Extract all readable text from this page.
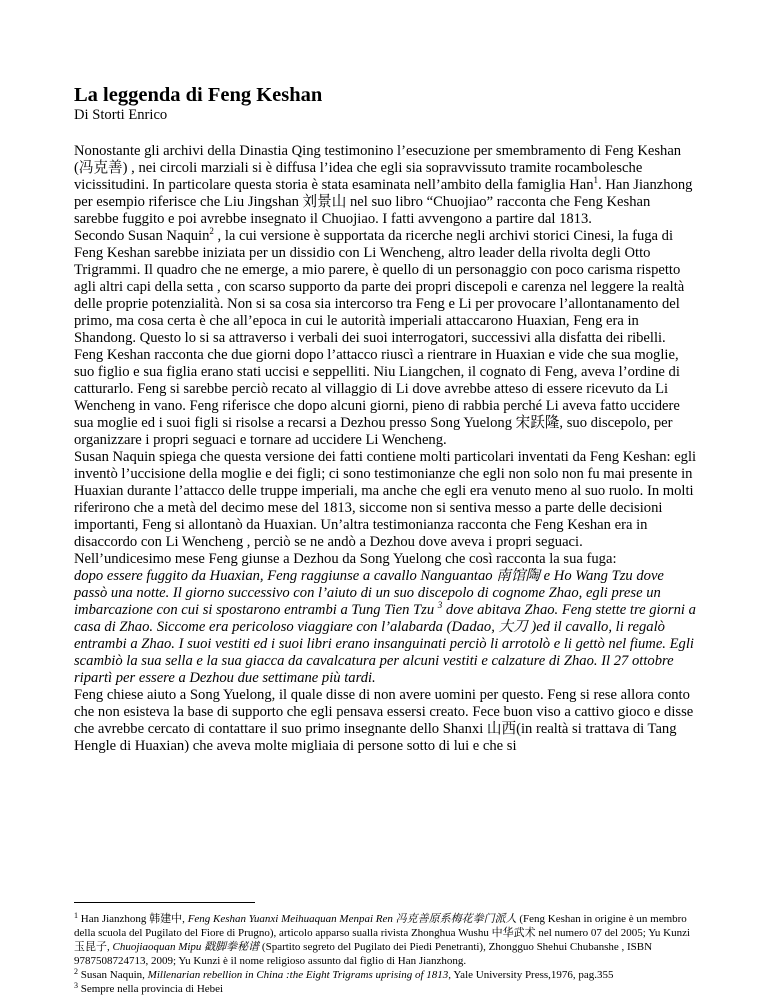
La leggenda di Feng Keshan
Di Storti Enrico

Nonostante gli archivi della Dinastia Qing testimonino l’esecuzione per smembramento di Feng Keshan (冯克善) , nei circoli marziali si è diffusa l’idea che egli sia sopravvissuto tramite rocambolesche vicissitudini. In particolare questa storia è stata esaminata nell’ambito della famiglia Han$^1$. Han Jianzhong per esempio riferisce che Liu Jingshan 刘景山 nel suo libro “Chuojiao” racconta che Feng Keshan sarebbe fuggito e poi avrebbe insegnato il Chuojiao. I fatti avvengono a partire dal 1813.

Secondo Susan Naquin$^2$ , la cui versione è supportata da ricerche negli archivi storici Cinesi, la fuga di Feng Keshan sarebbe iniziata per un dissidio con Li Wencheng, altro leader della rivolta degli Otto Trigrammi. Il quadro che ne emerge, a mio parere, è quello di un personaggio con poco carisma rispetto agli altri capi della setta , con scarso supporto da parte dei propri discepoli e carenza nel leggere la realtà delle proprie potenzialità. Non si sa cosa sia intercorso tra Feng e Li per provocare l’allontanamento del primo, ma cosa certa è che all’epoca in cui le autorità imperiali attaccarono Huaxian, Feng era in Shandong. Questo lo si sa attraverso i verbali dei suoi interrogatori, successivi alla disfatta dei ribelli. Feng Keshan racconta che due giorni dopo l’attacco riuscì a rientrare in Huaxian e vide che sua moglie, suo figlio e sua figlia erano stati uccisi e seppelliti. Niu Liangchen, il cognato di Feng, aveva l’ordine di catturarlo. Feng si sarebbe perciò recato al villaggio di Li dove avrebbe atteso di essere ricevuto da Li Wencheng in vano. Feng riferisce che dopo alcuni giorni, pieno di rabbia perché Li aveva fatto uccidere sua moglie ed i suoi figli si risolse a recarsi a Dezhou presso Song Yuelong 宋跃隆, suo discepolo, per organizzare i propri seguaci e tornare ad uccidere Li Wencheng.

Susan Naquin spiega che questa versione dei fatti contiene molti particolari inventati da Feng Keshan: egli inventò l’uccisione della moglie e dei figli; ci sono testimonianze che egli non solo non fu mai presente in Huaxian durante l’attacco delle truppe imperiali, ma anche che egli era venuto meno al suo ruolo. In molti riferirono che a metà del decimo mese del 1813, siccome non si sentiva messo a parte delle decisioni importanti, Feng si allontanò da Huaxian. Un’altra testimonianza racconta che Feng Keshan era in disaccordo con Li Wencheng , perciò se ne andò a Dezhou dove aveva i propri seguaci.

Nell’undicesimo mese Feng giunse a Dezhou da Song Yuelong che così racconta la sua fuga:

dopo essere fuggito da Huaxian, Feng raggiunse a cavallo Nanguantao 南馆陶 e Ho Wang Tzu dove passò una notte. Il giorno successivo con l’aiuto di un suo discepolo di cognome Zhao, egli prese un imbarcazione con cui si spostarono entrambi a Tung Tien Tzu $^3$ dove abitava Zhao. Feng stette tre giorni a casa di Zhao. Siccome era pericoloso viaggiare con l’alabarda (Dadao, 大刀 )ed il cavallo, li regalò entrambi a Zhao. I suoi vestiti ed i suoi libri erano insanguinati perciò li arrotolò e li gettò nel fiume. Egli scambiò la sua sella e la sua giacca da cavalcatura per alcuni vestiti e calzature di Zhao. Il 27 ottobre ripartì per essere a Dezhou due settimane più tardi.

Feng chiese aiuto a Song Yuelong, il quale disse di non avere uomini per questo. Feng si rese allora conto che non esisteva la base di supporto che egli pensava essersi creato. Fece buon viso a cattivo gioco e disse che avrebbe cercato di contattare il suo primo insegnante dello Shanxi 山西(in realtà si trattava di Tang Hengle di Huaxian) che aveva molte migliaia di persone sotto di lui e che si

$^1$ Han Jianzhong 韩建中, Feng Keshan Yuanxi Meihuaquan Menpai Ren 冯克善原系梅花拳门派人 (Feng Keshan in origine è un membro della scuola del Pugilato del Fiore di Prugno), articolo apparso sualla rivista Zhonghua Wushu 中华武术 nel numero 07 del 2005; Yu Kunzi 玉昆子, Chuojiaoquan Mipu 戳脚拳秘谱 (Spartito segreto del Pugilato dei Piedi Penetranti), Zhongguo Shehui Chubanshe , ISBN 9787508724713, 2009; Yu Kunzi è il nome religioso assunto dal figlio di Han Jianzhong.

$^2$ Susan Naquin, Millenarian rebellion in China :the Eight Trigrams uprising of 1813, Yale University Press,1976, pag.355

$^3$ Sempre nella provincia di Hebei
